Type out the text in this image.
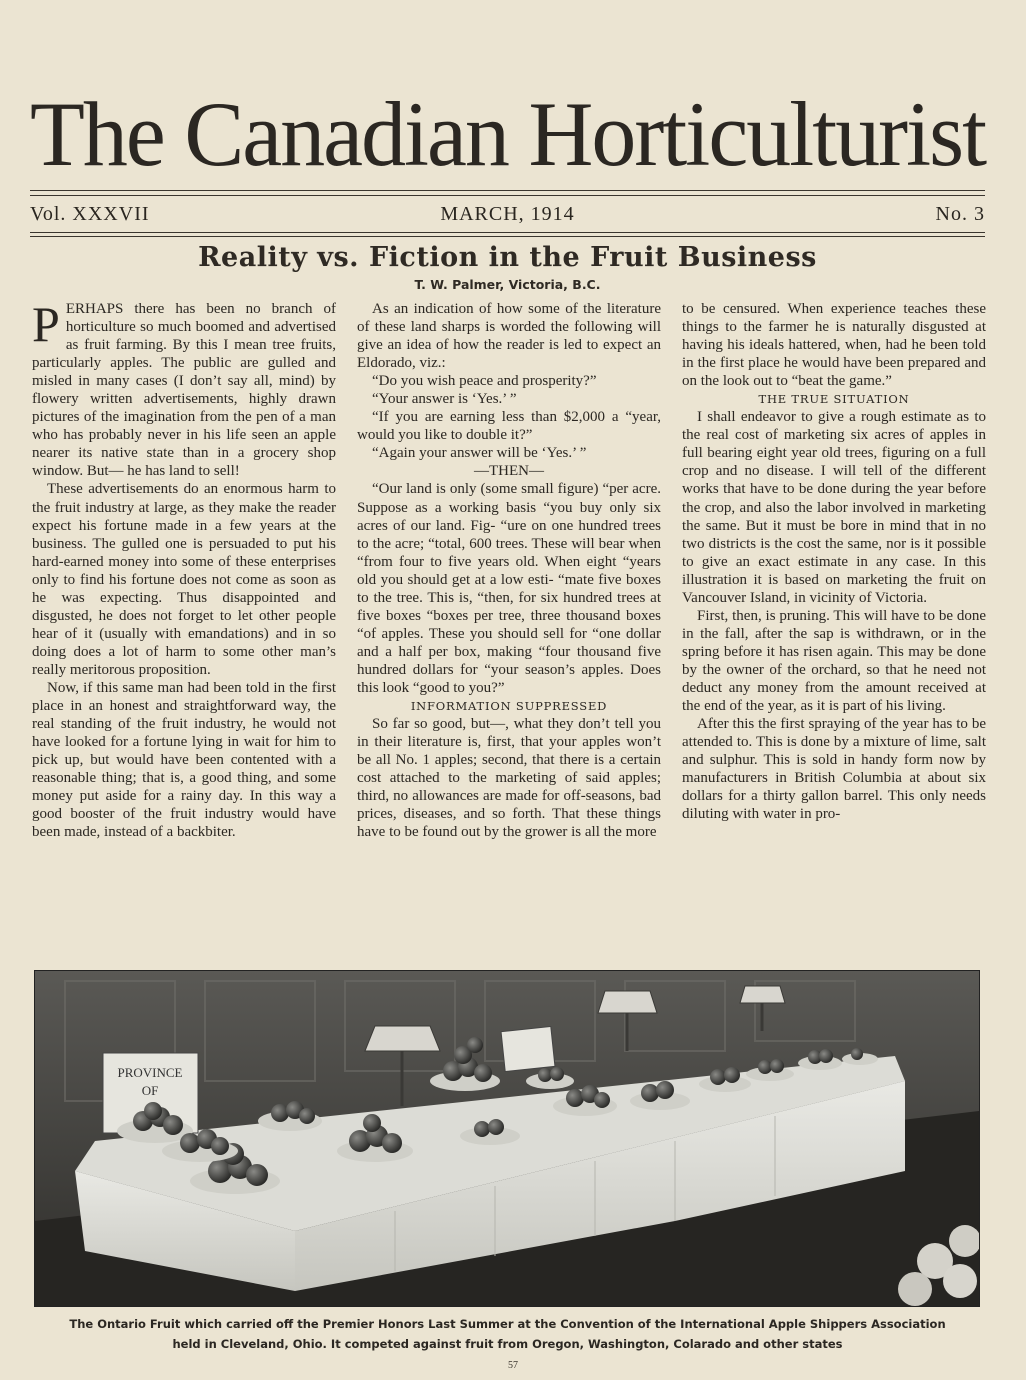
The Canadian Horticulturist
Vol. XXXVII	MARCH, 1914	No. 3
Reality vs. Fiction in the Fruit Business
T. W. Palmer, Victoria, B.C.

PERHAPS there has been no branch of horticulture so much boomed and advertised as fruit farming. By this I mean tree fruits, particularly apples. The public are gulled and misled in many cases (I don’t say all, mind) by flowery written advertisements, highly drawn pictures of the imagination from the pen of a man who has probably never in his life seen an apple nearer its native state than in a grocery shop window. But— he has land to sell!

These advertisements do an enormous harm to the fruit industry at large, as they make the reader expect his fortune made in a few years at the business. The gulled one is persuaded to put his hard-earned money into some of these enterprises only to find his fortune does not come as soon as he was expecting. Thus disappointed and disgusted, he does not forget to let other people hear of it (usually with emandations) and in so doing does a lot of harm to some other man’s really meritorous proposition.

Now, if this same man had been told in the first place in an honest and straightforward way, the real standing of the fruit industry, he would not have looked for a fortune lying in wait for him to pick up, but would have been contented with a reasonable thing; that is, a good thing, and some money put aside for a rainy day. In this way a good booster of the fruit industry would have been made, instead of a backbiter.

As an indication of how some of the literature of these land sharps is worded the following will give an idea of how the reader is led to expect an Eldorado, viz.:

“Do you wish peace and prosperity?”

“Your answer is ‘Yes.’ ”

“If you are earning less than $2,000 a “year, would you like to double it?”

“Again your answer will be ‘Yes.’ ”

—THEN—

“Our land is only (some small figure) “per acre. Suppose as a working basis “you buy only six acres of our land. Fig- “ure on one hundred trees to the acre; “total, 600 trees. These will bear when “from four to five years old. When eight “years old you should get at a low esti- “mate five boxes to the tree. This is, “then, for six hundred trees at five boxes “boxes per tree, three thousand boxes “of apples. These you should sell for “one dollar and a half per box, making “four thousand five hundred dollars for “your season’s apples. Does this look “good to you?”

INFORMATION SUPPRESSED

So far so good, but—, what they don’t tell you in their literature is, first, that your apples won’t be all No. 1 apples; second, that there is a certain cost attached to the marketing of said apples; third, no allowances are made for off-seasons, bad prices, diseases, and so forth. That these things have to be found out by the grower is all the more

to be censured. When experience teaches these things to the farmer he is naturally disgusted at having his ideals hattered, when, had he been told in the first place he would have been prepared and on the look out to “beat the game.”

THE TRUE SITUATION

I shall endeavor to give a rough estimate as to the real cost of marketing six acres of apples in full bearing eight year old trees, figuring on a full crop and no disease. I will tell of the different works that have to be done during the year before the crop, and also the labor involved in marketing the same. But it must be bore in mind that in no two districts is the cost the same, nor is it possible to give an exact estimate in any case. In this illustration it is based on marketing the fruit on Vancouver Island, in vicinity of Victoria.

First, then, is pruning. This will have to be done in the fall, after the sap is withdrawn, or in the spring before it has risen again. This may be done by the owner of the orchard, so that he need not deduct any money from the amount received at the end of the year, as it is part of his living.

After this the first spraying of the year has to be attended to. This is done by a mixture of lime, salt and sulphur. This is sold in handy form now by manufacturers in British Columbia at about six dollars for a thirty gallon barrel. This only needs diluting with water in pro-

PROVINCE
OF
The Ontario Fruit which carried off the Premier Honors Last Summer at the Convention of the International Apple Shippers Association
held in Cleveland, Ohio. It competed against fruit from Oregon, Washington, Colarado and other states
57
